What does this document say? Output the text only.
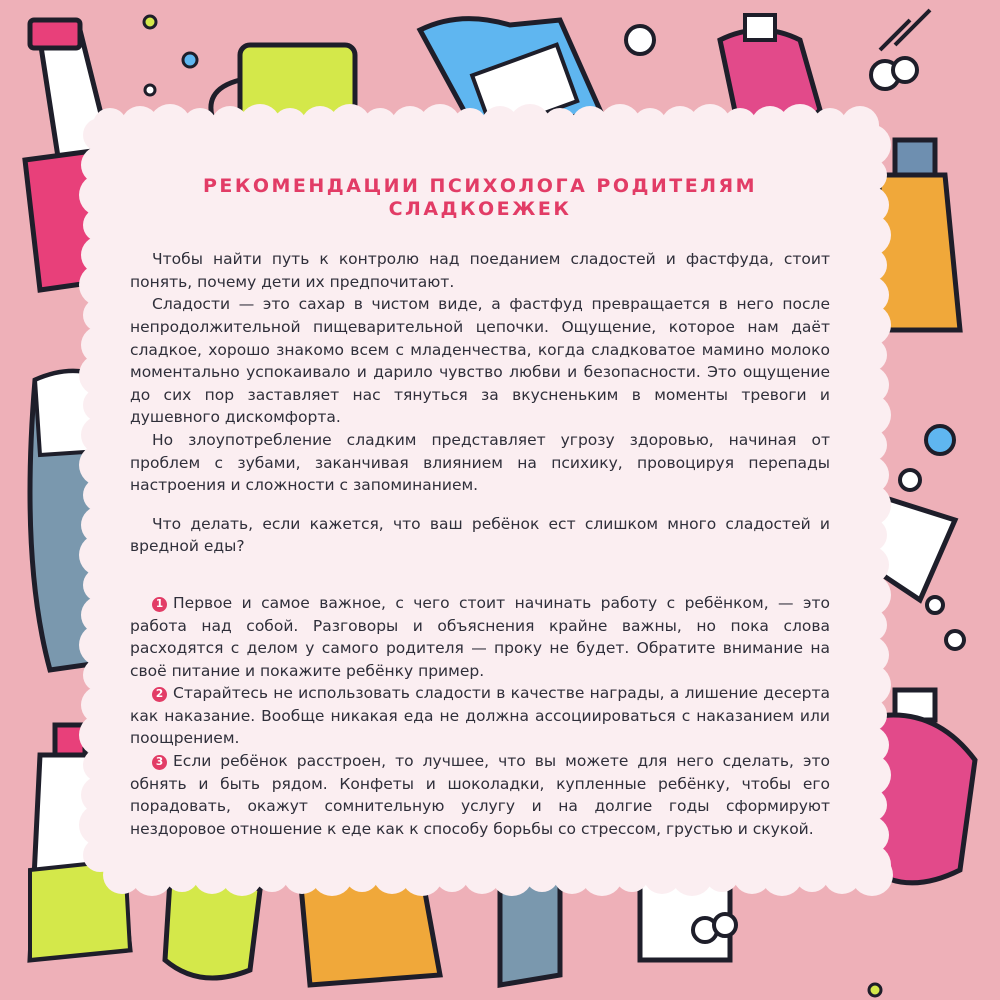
РЕКОМЕНДАЦИИ ПСИХОЛОГА РОДИТЕЛЯМ СЛАДКОЕЖЕК

Чтобы найти путь к контролю над поеданием сладостей и фастфуда, стоит понять, почему дети их предпочитают.

Сладости — это сахар в чистом виде, а фастфуд превращается в него после непродолжительной пищеварительной цепочки. Ощущение, которое нам даёт сладкое, хорошо знакомо всем с младенчества, когда сладковатое мамино молоко моментально успокаивало и дарило чувство любви и безопасности. Это ощущение до сих пор заставляет нас тянуться за вкусненьким в моменты тревоги и душевного дискомфорта.

Но злоупотребление сладким представляет угрозу здоровью, начиная от проблем с зубами, заканчивая влиянием на психику, провоцируя перепады настроения и сложности с запоминанием.

Что делать, если кажется, что ваш ребёнок ест слишком много сладостей и вредной еды?

1 Первое и самое важное, с чего стоит начинать работу с ребёнком, — это работа над собой. Разговоры и объяснения крайне важны, но пока слова расходятся с делом у самого родителя — проку не будет. Обратите внимание на своё питание и покажите ребёнку пример.

2 Старайтесь не использовать сладости в качестве награды, а лишение десерта как наказание. Вообще никакая еда не должна ассоциироваться с наказанием или поощрением.

3 Если ребёнок расстроен, то лучшее, что вы можете для него сделать, это обнять и быть рядом. Конфеты и шоколадки, купленные ребёнку, чтобы его порадовать, окажут сомнительную услугу и на долгие годы сформируют нездоровое отношение к еде как к способу борьбы со стрессом, грустью и скукой.
